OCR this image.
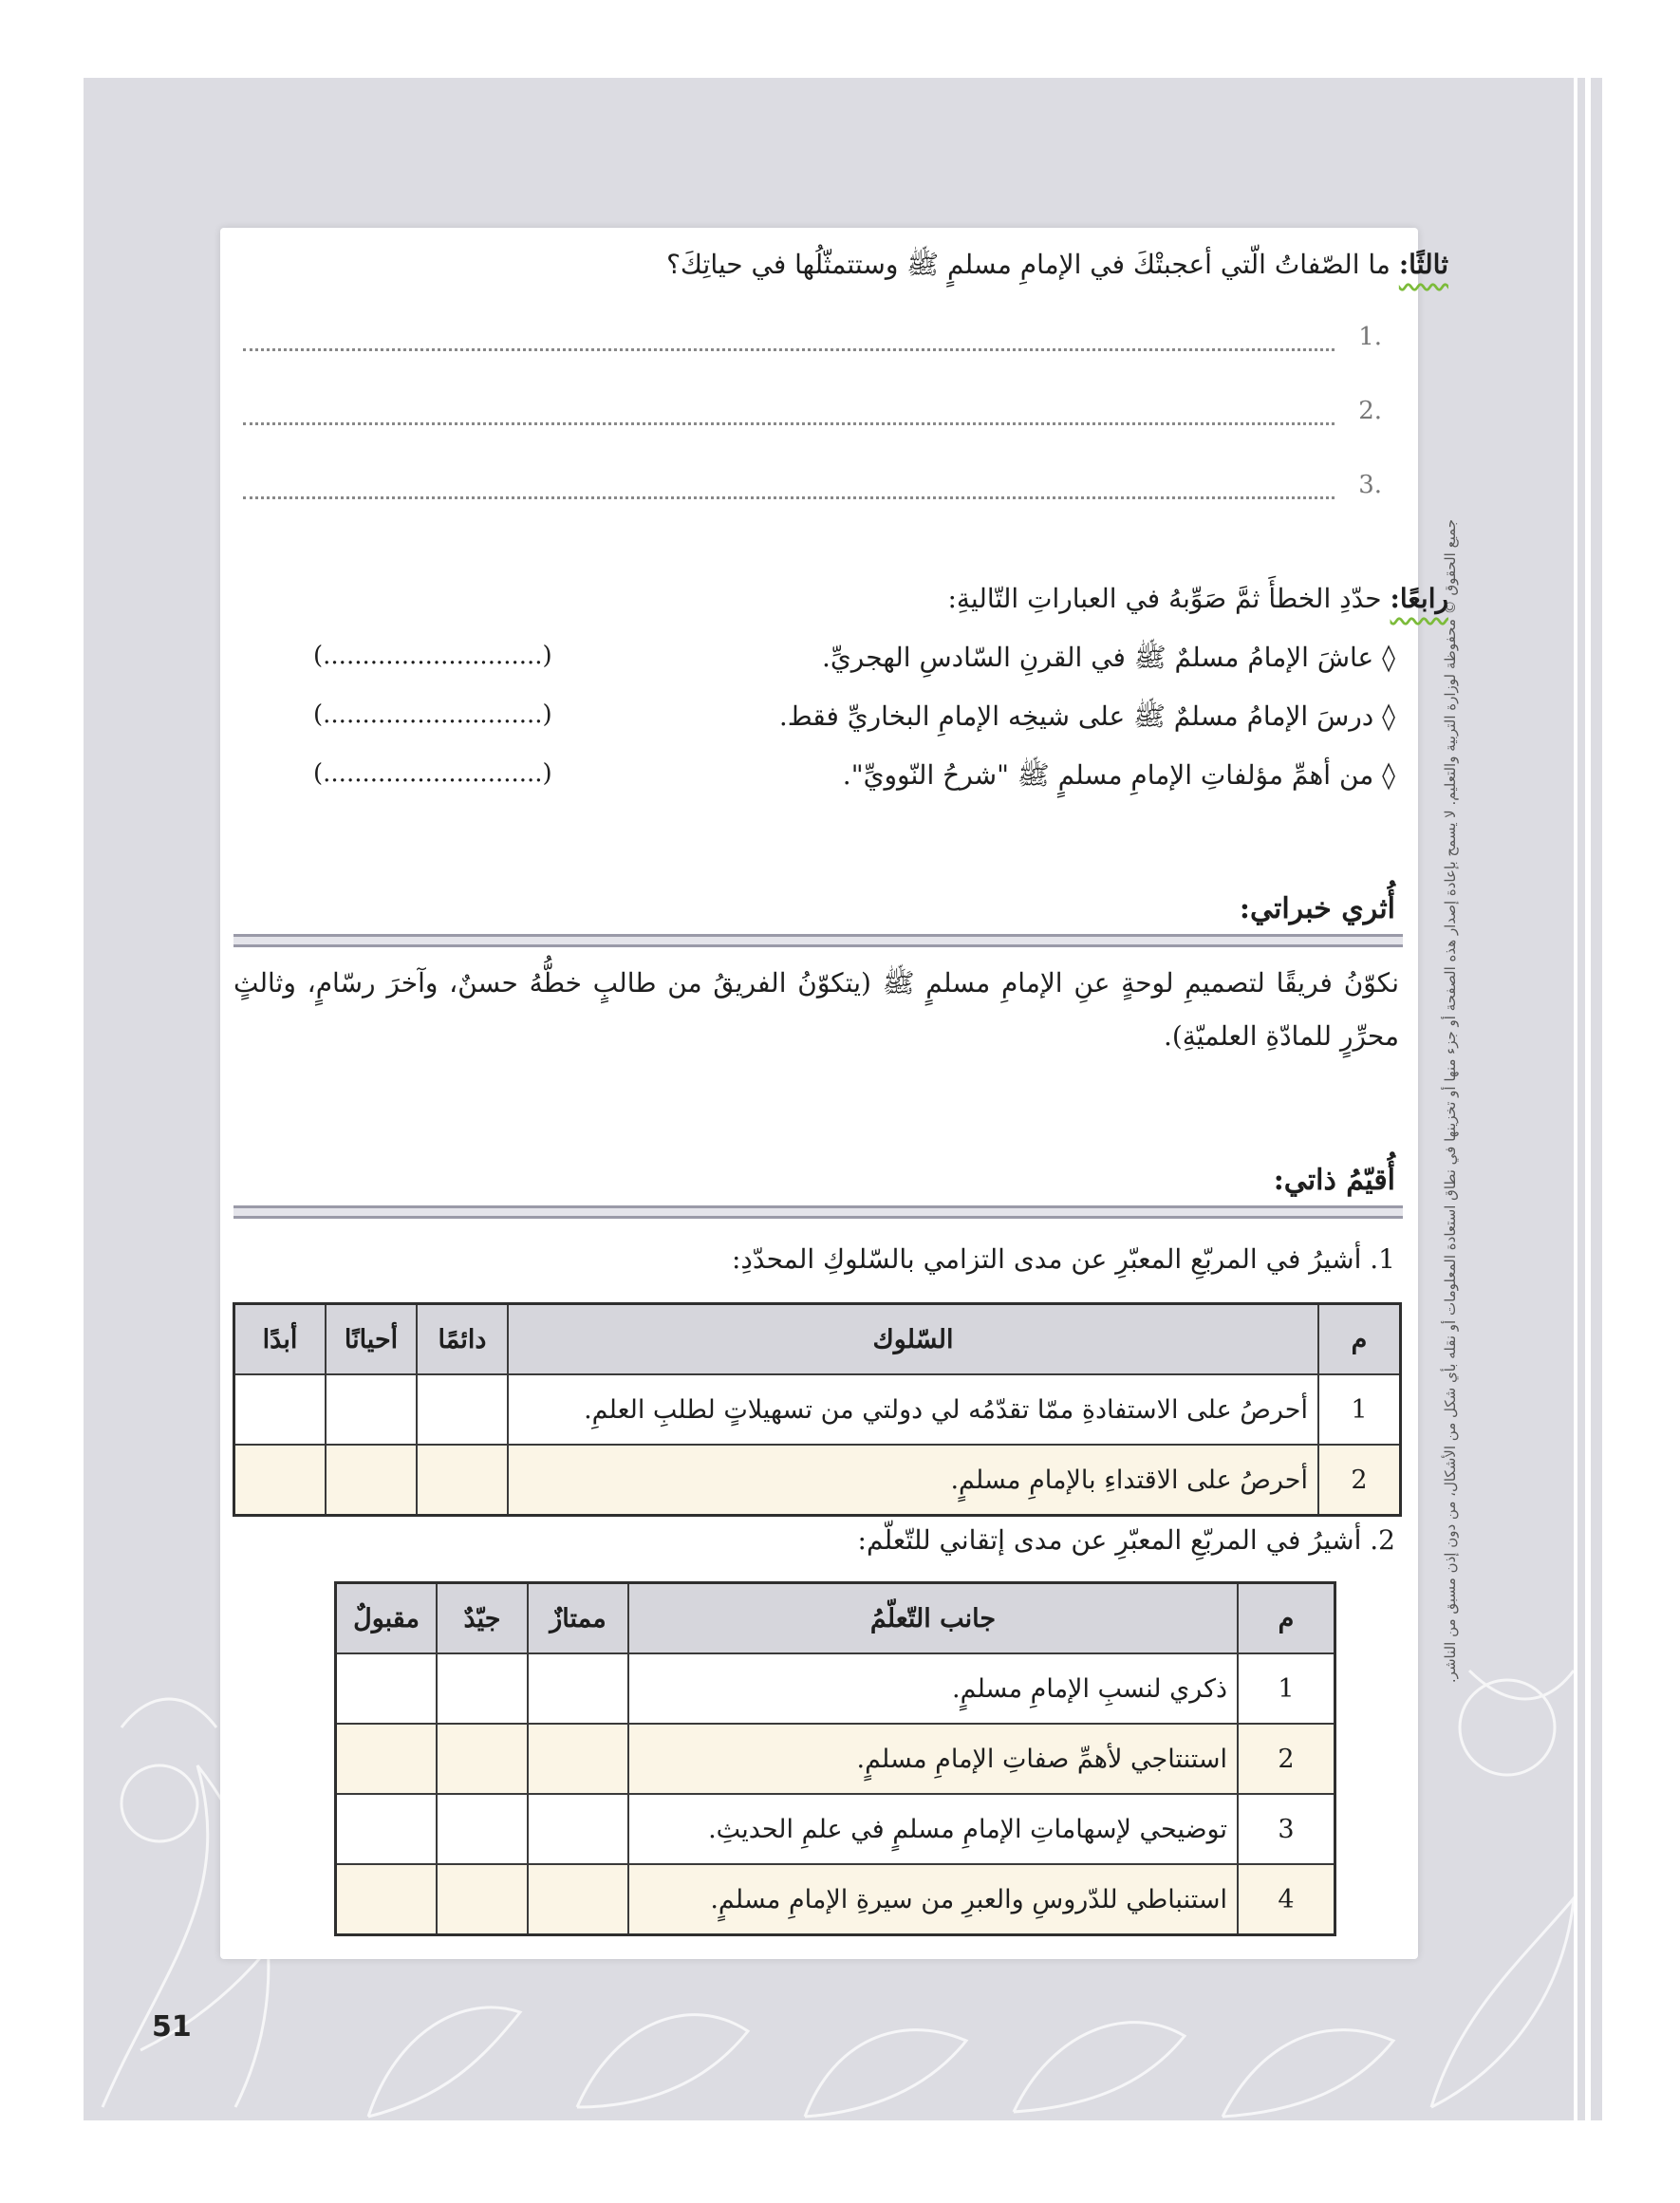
جميع الحقوق © محفوظة لوزارة التربية والتعليم. لا يسمح بإعادة إصدار هذه الصفحة أو جزء منها أو تخزينها في نطاق استعادة المعلومات أو نقله بأي شكل من الأشكال، من دون إذن مسبق من الناشر.
ثالثًا: ما الصّفاتُ الّتي أعجبتْكَ في الإمامِ مسلمٍ ﷺ وستتمثّلُها في حياتِكَ؟
.1
.2
.3
رابعًا: حدّدِ الخطأَ ثمَّ صَوِّبهُ في العباراتِ التّاليةِ:
◊ عاشَ الإمامُ مسلمٌ ﷺ في القرنِ السّادسِ الهجريِّ.
(............................)
◊ درسَ الإمامُ مسلمٌ ﷺ على شيخِه الإمامِ البخاريِّ فقط.
(............................)
◊ من أهمِّ مؤلفاتِ الإمامِ مسلمٍ ﷺ "شرحُ النّوويِّ".
(............................)
أُثري خبراتي:
نكوّنُ فريقًا لتصميمِ لوحةٍ عنِ الإمامِ مسلمٍ ﷺ (يتكوّنُ الفريقُ من طالبٍ خطُّهُ حسنٌ، وآخرَ رسّامٍ، وثالثٍ محرِّرٍ للمادّةِ العلميّةِ).
أُقيّمُ ذاتي:
1. أشيرُ في المربّعِ المعبّرِ عن مدى التزامي بالسّلوكِ المحدّدِ:
م	السّلوك	دائمًا	أحيانًا	أبدًا
1	أحرصُ على الاستفادةِ ممّا تقدّمُه لي دولتي من تسهيلاتٍ لطلبِ العلمِ.			
2	أحرصُ على الاقتداءِ بالإمامِ مسلمٍ.			
2. أشيرُ في المربّعِ المعبّرِ عن مدى إتقاني للتّعلّم:
م	جانب التّعلّمُ	ممتازٌ	جيّدٌ	مقبولٌ
1	ذكري لنسبِ الإمامِ مسلمٍ.			
2	استنتاجي لأهمِّ صفاتِ الإمامِ مسلمٍ.			
3	توضيحي لإسهاماتِ الإمامِ مسلمٍ في علمِ الحديثِ.			
4	استنباطي للدّروسِ والعبرِ من سيرةِ الإمامِ مسلمٍ.			
51
